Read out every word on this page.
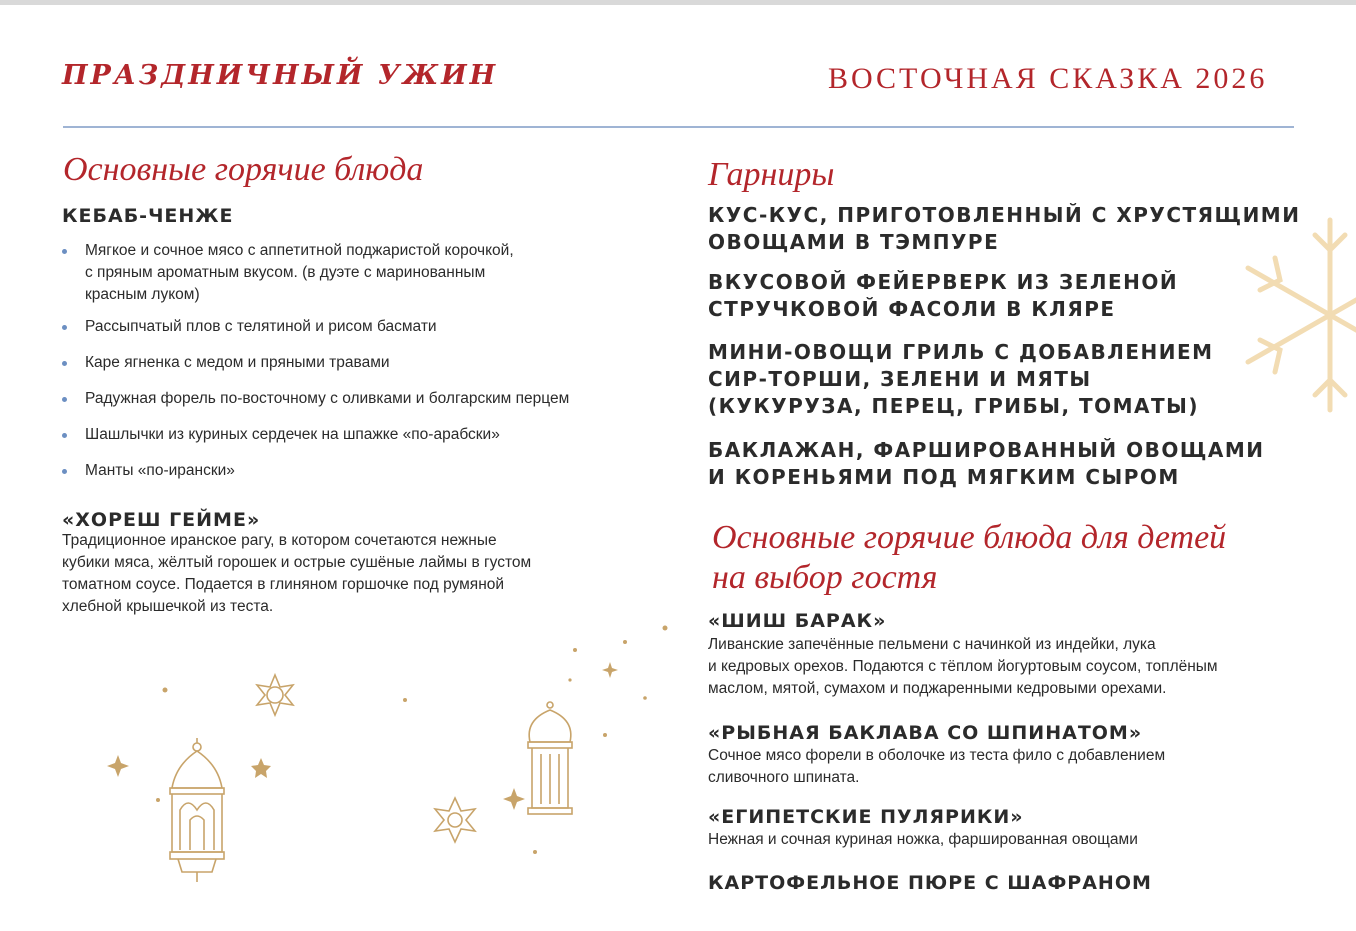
ПРАЗДНИЧНЫЙ УЖИН	ВОСТОЧНАЯ СКАЗКА 2026
Основные горячие блюда
КЕБАБ-ЧЕНЖЕ
Мягкое и сочное мясо с аппетитной поджаристой корочкой,
с пряным ароматным вкусом. (в дуэте с маринованным
красным луком)
Рассыпчатый плов с телятиной и рисом басмати
Каре ягненка с медом и пряными травами
Радужная форель по-восточному с оливками и болгарским перцем
Шашлычки из куриных сердечек на шпажке «по-арабски»
Манты «по-ирански»
«ХОРЕШ ГЕЙМЕ»
Традиционное иранское рагу, в котором сочетаются нежные
кубики мяса, жёлтый горошек и острые сушёные лаймы в густом
томатном соусе. Подается в глиняном горшочке под румяной
хлебной крышечкой из теста.
Гарниры
КУС-КУС, ПРИГОТОВЛЕННЫЙ С ХРУСТЯЩИМИ
ОВОЩАМИ В ТЭМПУРЕ
ВКУСОВОЙ ФЕЙЕРВЕРК ИЗ ЗЕЛЕНОЙ
СТРУЧКОВОЙ ФАСОЛИ В КЛЯРЕ
МИНИ-ОВОЩИ ГРИЛЬ С ДОБАВЛЕНИЕМ
СИР-ТОРШИ, ЗЕЛЕНИ И МЯТЫ
(КУКУРУЗА, ПЕРЕЦ, ГРИБЫ, ТОМАТЫ)
БАКЛАЖАН, ФАРШИРОВАННЫЙ ОВОЩАМИ
И КОРЕНЬЯМИ ПОД МЯГКИМ СЫРОМ
Основные горячие блюда для детей
на выбор гостя
«ШИШ БАРАК»
Ливанские запечённые пельмени с начинкой из индейки, лука
и кедровых орехов. Подаются с тёплом йогуртовым соусом, топлёным
маслом, мятой, сумахом и поджаренными кедровыми орехами.
«РЫБНАЯ БАКЛАВА СО ШПИНАТОМ»
Сочное мясо форели в оболочке из теста фило с добавлением
сливочного шпината.
«ЕГИПЕТСКИЕ ПУЛЯРИКИ»
Нежная и сочная куриная ножка, фаршированная овощами
КАРТОФЕЛЬНОЕ ПЮРЕ С ШАФРАНОМ
